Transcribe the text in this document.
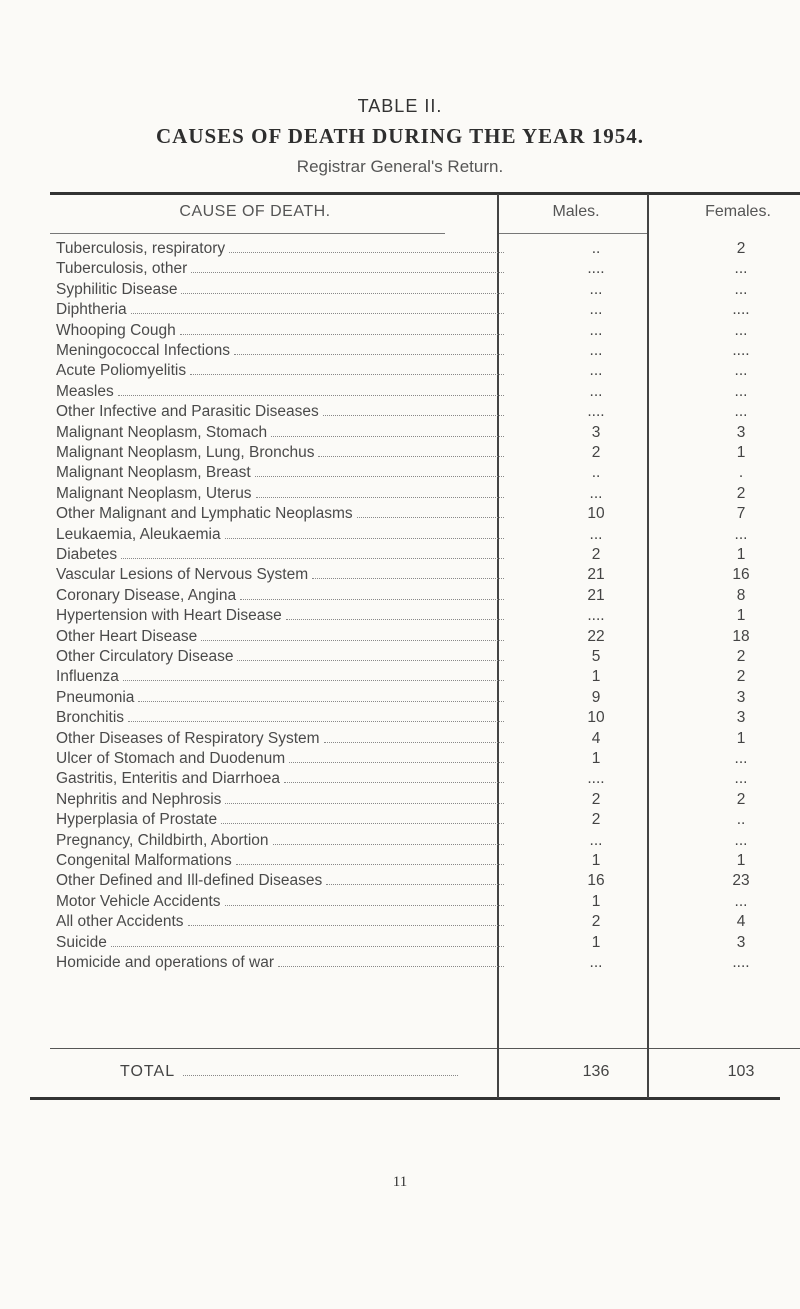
TABLE II.
CAUSES OF DEATH DURING THE YEAR 1954.
Registrar General's Return.
CAUSE OF DEATH.	Males.	Females.
Tuberculosis, respiratory	..	2
Tuberculosis, other	....	...
Syphilitic Disease	...	...
Diphtheria	...	....
Whooping Cough	...	...
Meningococcal Infections	...	....
Acute Poliomyelitis	...	...
Measles	...	...
Other Infective and Parasitic Diseases	....	...
Malignant Neoplasm, Stomach	3	3
Malignant Neoplasm, Lung, Bronchus	2	1
Malignant Neoplasm, Breast	..	.
Malignant Neoplasm, Uterus	...	2
Other Malignant and Lymphatic Neoplasms	10	7
Leukaemia, Aleukaemia	...	...
Diabetes	2	1
Vascular Lesions of Nervous System	21	16
Coronary Disease, Angina	21	8
Hypertension with Heart Disease	....	1
Other Heart Disease	22	18
Other Circulatory Disease	5	2
Influenza	1	2
Pneumonia	9	3
Bronchitis	10	3
Other Diseases of Respiratory System	4	1
Ulcer of Stomach and Duodenum	1	...
Gastritis, Enteritis and Diarrhoea	....	...
Nephritis and Nephrosis	2	2
Hyperplasia of Prostate	2	..
Pregnancy, Childbirth, Abortion	...	...
Congenital Malformations	1	1
Other Defined and Ill-defined Diseases	16	23
Motor Vehicle Accidents	1	...
All other Accidents	2	4
Suicide	1	3
Homicide and operations of war	...	....
TOTAL	136	103
11
